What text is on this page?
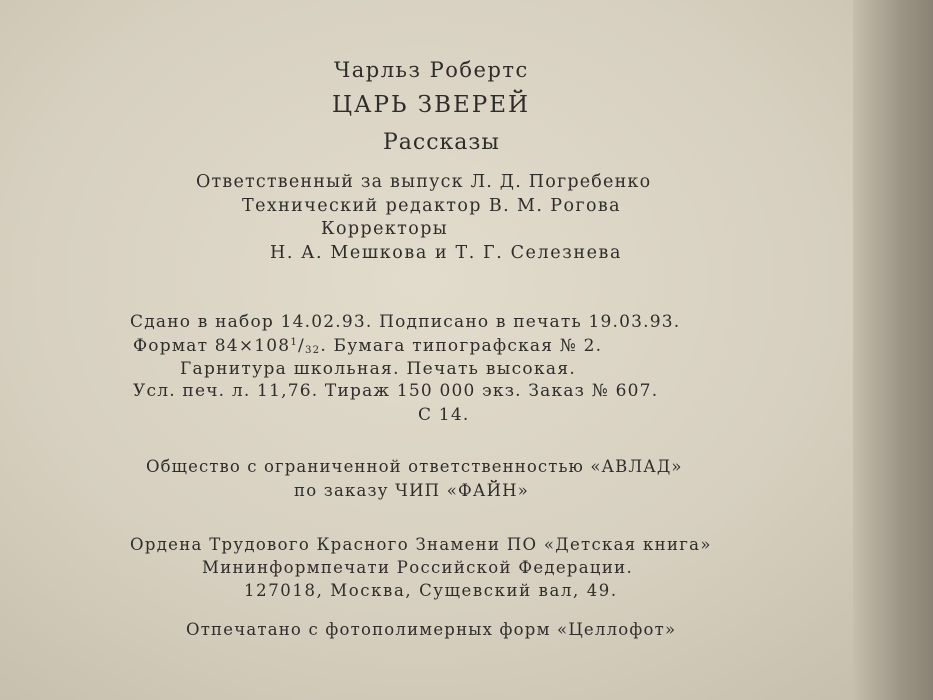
Чарльз Робертс
ЦАРЬ ЗВЕРЕЙ
Рассказы
Ответственный за выпуск Л. Д. Погребенко
Технический редактор В. М. Рогова
Корректоры
Н. А. Мешкова и Т. Г. Селезнева
Сдано в набор 14.02.93. Подписано в печать 19.03.93.
Формат $84\times 108^1/_{32}$. Бумага типографская № 2.
Гарнитура школьная. Печать высокая.
Усл. печ. л. 11,76. Тираж 150 000 экз. Заказ № 607.
С 14.
Общество с ограниченной ответственностью «АВЛАД»
по заказу ЧИП «ФАЙН»
Ордена Трудового Красного Знамени ПО «Детская книга»
Мининформпечати Российской Федерации.
127018, Москва, Сущевский вал, 49.
Отпечатано с фотополимерных форм «Целлофот»
